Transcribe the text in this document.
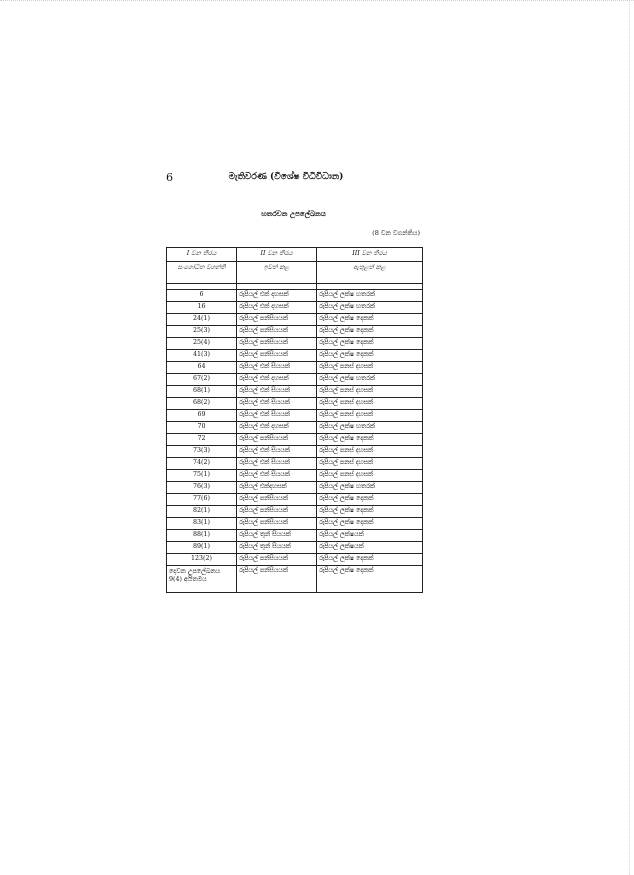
6	මැතිවරණ (විශේෂ විධිවිධාන)
හතරවන උපලේඛනය
(8 වන වගන්තිය)
I වන තීරය	II වන තීරය	III වන තීරය
සංශෝධිත වගන්ති	ඉවත් කළ	ඇතුළත් කළ

6	රුපියල් එක් දහසක්	රුපියල් ලක්ෂ හතරක්
16	රුපියල් එක් දහසක්	රුපියල් ලක්ෂ හතරක්
24(1)	රුපියල් පන්සියයක්	රුපියල් ලක්ෂ දෙකක්
25(3)	රුපියල් පන්සියයක්	රුපියල් ලක්ෂ දෙකක්
25(4)	රුපියල් පන්සියයක්	රුපියල් ලක්ෂ දෙකක්
41(3)	රුපියල් පන්සියයක්	රුපියල් ලක්ෂ දෙකක්
64	රුපියල් එක් සියයක්	රුපියල් පනස් දහසක්
67(2)	රුපියල් එක් දහසක්	රුපියල් ලක්ෂ හතරක්
68(1)	රුපියල් එක් සියයක්	රුපියල් පනස් දහසක්
68(2)	රුපියල් එක් සියයක්	රුපියල් පනස් දහසක්
69	රුපියල් එක් සියයක්	රුපියල් පනස් දහසක්
70	රුපියල් එක් දහසක්	රුපියල් ලක්ෂ හතරක්
72	රුපියල් පන්සියයක්	රුපියල් ලක්ෂ දෙකක්
73(3)	රුපියල් එක් සියයක්	රුපියල් පනස් දහසක්
74(2)	රුපියල් එක් සියයක්	රුපියල් පනස් දහසක්
75(1)	රුපියල් එක් සියයක්	රුපියල් පනස් දහසක්
76(3)	රුපියල් එක්දහසක්	රුපියල් ලක්ෂ හතරක්
77(6)	රුපියල් පන්සියයක්	රුපියල් ලක්ෂ දෙකක්
82(1)	රුපියල් පන්සියයක්	රුපියල් ලක්ෂ දෙකක්
83(1)	රුපියල් පන්සියයක්	රුපියල් ලක්ෂ දෙකක්
88(1)	රුපියල් තුන් සියයක්	රුපියල් ලක්ෂයක්
89(1)	රුපියල් තුන් සියයක්	රුපියල් ලක්ෂයක්
123(2)	රුපියල් පන්සියයක්	රුපියල් ලක්ෂ දෙකක්
දෙවන උපලේඛනය 9(4) අයිතමය	රුපියල් පන්සියයක්	රුපියල් ලක්ෂ දෙකක්
